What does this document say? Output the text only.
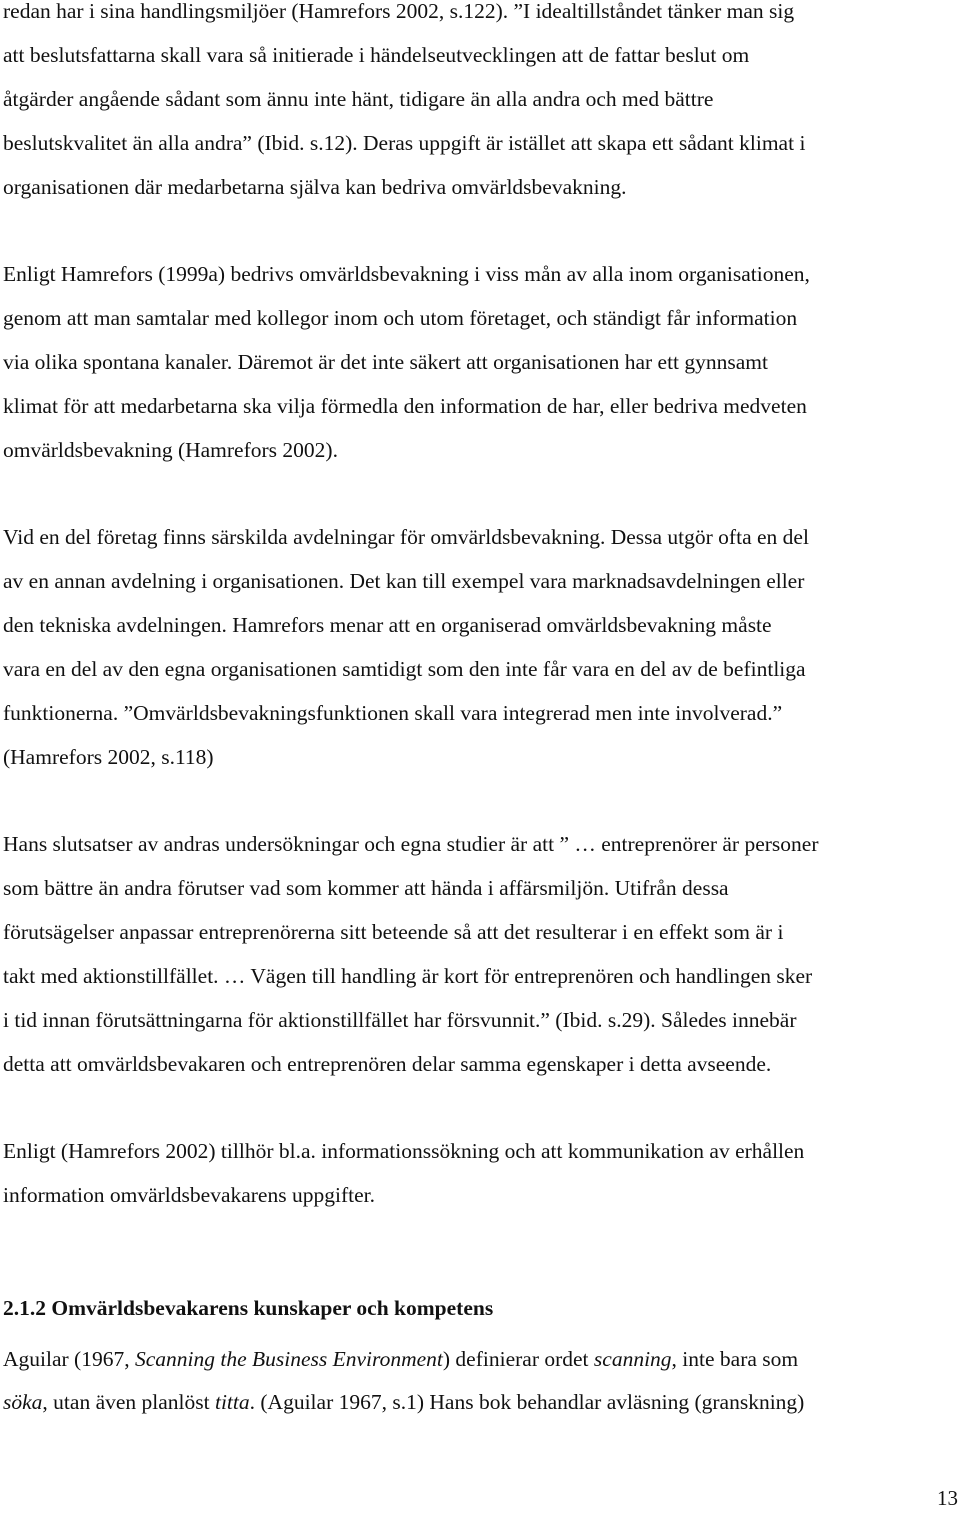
redan har i sina handlingsmiljöer (Hamrefors 2002, s.122). ”I idealtillståndet tänker man sig

att beslutsfattarna skall vara så initierade i händelseutvecklingen att de fattar beslut om

åtgärder angående sådant som ännu inte hänt, tidigare än alla andra och med bättre

beslutskvalitet än alla andra” (Ibid. s.12). Deras uppgift är istället att skapa ett sådant klimat i

organisationen där medarbetarna själva kan bedriva omvärldsbevakning.

Enligt Hamrefors (1999a) bedrivs omvärldsbevakning i viss mån av alla inom organisationen,

genom att man samtalar med kollegor inom och utom företaget, och ständigt får information

via olika spontana kanaler. Däremot är det inte säkert att organisationen har ett gynnsamt

klimat för att medarbetarna ska vilja förmedla den information de har, eller bedriva medveten

omvärldsbevakning (Hamrefors 2002).

Vid en del företag finns särskilda avdelningar för omvärldsbevakning. Dessa utgör ofta en del

av en annan avdelning i organisationen. Det kan till exempel vara marknadsavdelningen eller

den tekniska avdelningen. Hamrefors menar att en organiserad omvärldsbevakning måste

vara en del av den egna organisationen samtidigt som den inte får vara en del av de befintliga

funktionerna. ”Omvärldsbevakningsfunktionen skall vara integrerad men inte involverad.”

(Hamrefors 2002, s.118)

Hans slutsatser av andras undersökningar och egna studier är att ” … entreprenörer är personer

som bättre än andra förutser vad som kommer att hända i affärsmiljön. Utifrån dessa

förutsägelser anpassar entreprenörerna sitt beteende så att det resulterar i en effekt som är i

takt med aktionstillfället. … Vägen till handling är kort för entreprenören och handlingen sker

i tid innan förutsättningarna för aktionstillfället har försvunnit.” (Ibid. s.29). Således innebär

detta att omvärldsbevakaren och entreprenören delar samma egenskaper i detta avseende.

Enligt (Hamrefors 2002) tillhör bl.a. informationssökning och att kommunikation av erhållen

information omvärldsbevakarens uppgifter.

2.1.2 Omvärldsbevakarens kunskaper och kompetens

Aguilar (1967, Scanning the Business Environment) definierar ordet scanning, inte bara som

söka, utan även planlöst titta. (Aguilar 1967, s.1) Hans bok behandlar avläsning (granskning)

13
